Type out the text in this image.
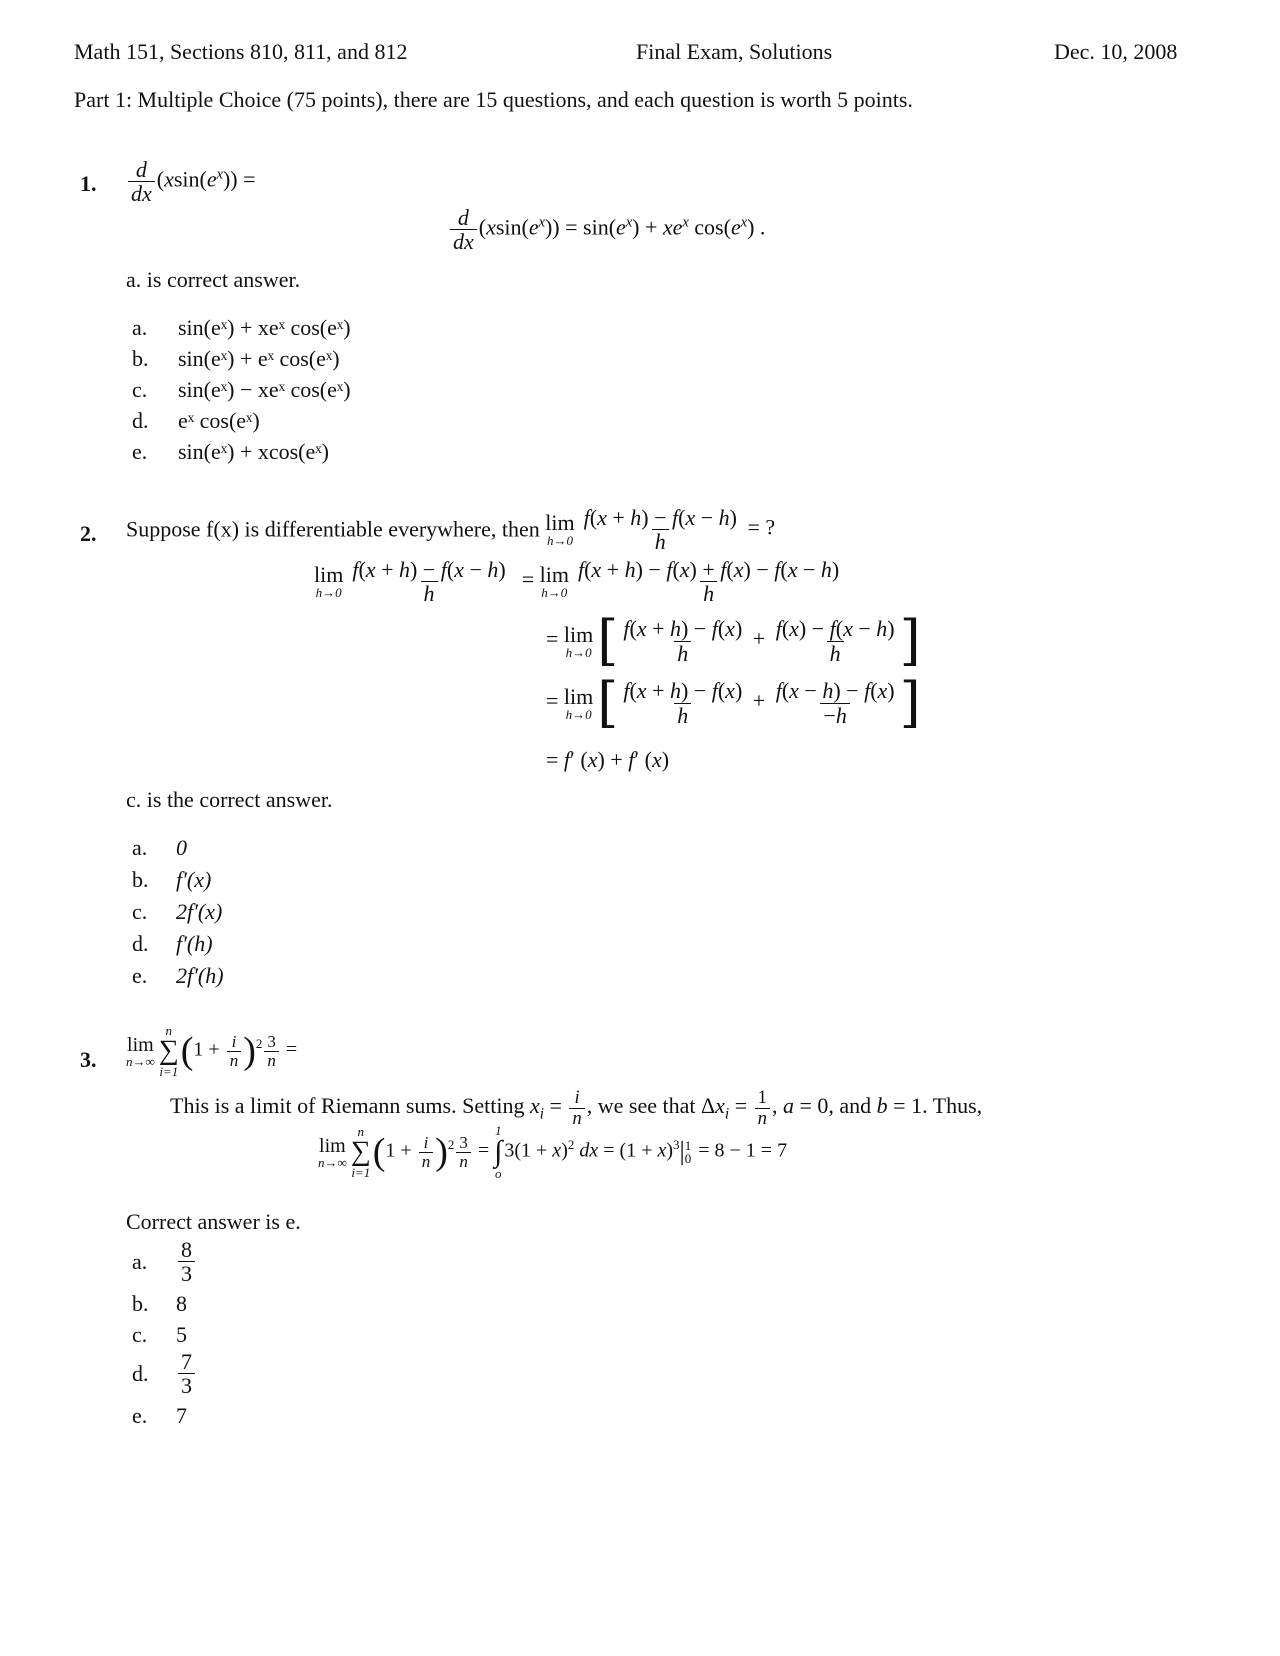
Math 151, Sections 810, 811, and 812	Final Exam, Solutions	Dec. 10, 2008
Part 1: Multiple Choice (75 points), there are 15 questions, and each question is worth 5 points.
1. $\frac{d}{dx} (xsin(e^x))$ =
$\frac{d}{dx} (xsin(e^x)) = \sin(e^x) + xe^x$ $\cos(e^x)$ .
a. is correct answer.
a. sin(eˣ) + xeˣ cos(eˣ)
b. sin(eˣ) + eˣ cos(eˣ)
c. sin(eˣ) − xeˣ cos(eˣ)
d. eˣ cos(eˣ)
e. sin(eˣ) + xcos(eˣ)
2. Suppose f(x) is differentiable everywhere, then lim
$h\to 0 \frac{f(x + h) - f(x - h)}{h}$ = ?
lim
$h\to 0 \frac{f(x + h) - f(x - h)}{h} = \lim$
$h\to 0 \frac{f(x + h) - f(x) + f(x) - f(x - h)}{h}$
= lim
h→0 [ $\frac{f(x + h) - f(x)}{h} + \frac{f(x) - f(x - h)}{h}$ ]
= lim
h→0 [ $\frac{f(x + h) - f(x)}{h} + \frac{f(x - h) - f(x)}{-h}$ ]
= f′ (x) + f′ (x)
c. is the correct answer.
a. 0
b. f′(x)
c. 2f′(x)
d. f′(h)
e. 2f′(h)
3.
lim
n→∞
n
∑
i=1 $(1 + \frac{i}{n} )^2 \frac{3}{n}$ =
This is a limit of Riemann sums. Setting $x_i = \frac{i}{n}$ , we see that $\Delta x_i = \frac{1}{n}$ , a = 0, and b = 1. Thus,
lim
n→∞
n
∑
i=1 $(1 + \frac{i}{n} )^2 \frac{3}{n}$ =
1
∫
o
$3(1 + x)^2$ dx = $(1 + x)^3|$ 1
0 = 8 − 1 = 7
Correct answer is e.
a. $\frac{8}{3}$
b. 8
c. 5
d. $\frac{7}{3}$
e. 7
